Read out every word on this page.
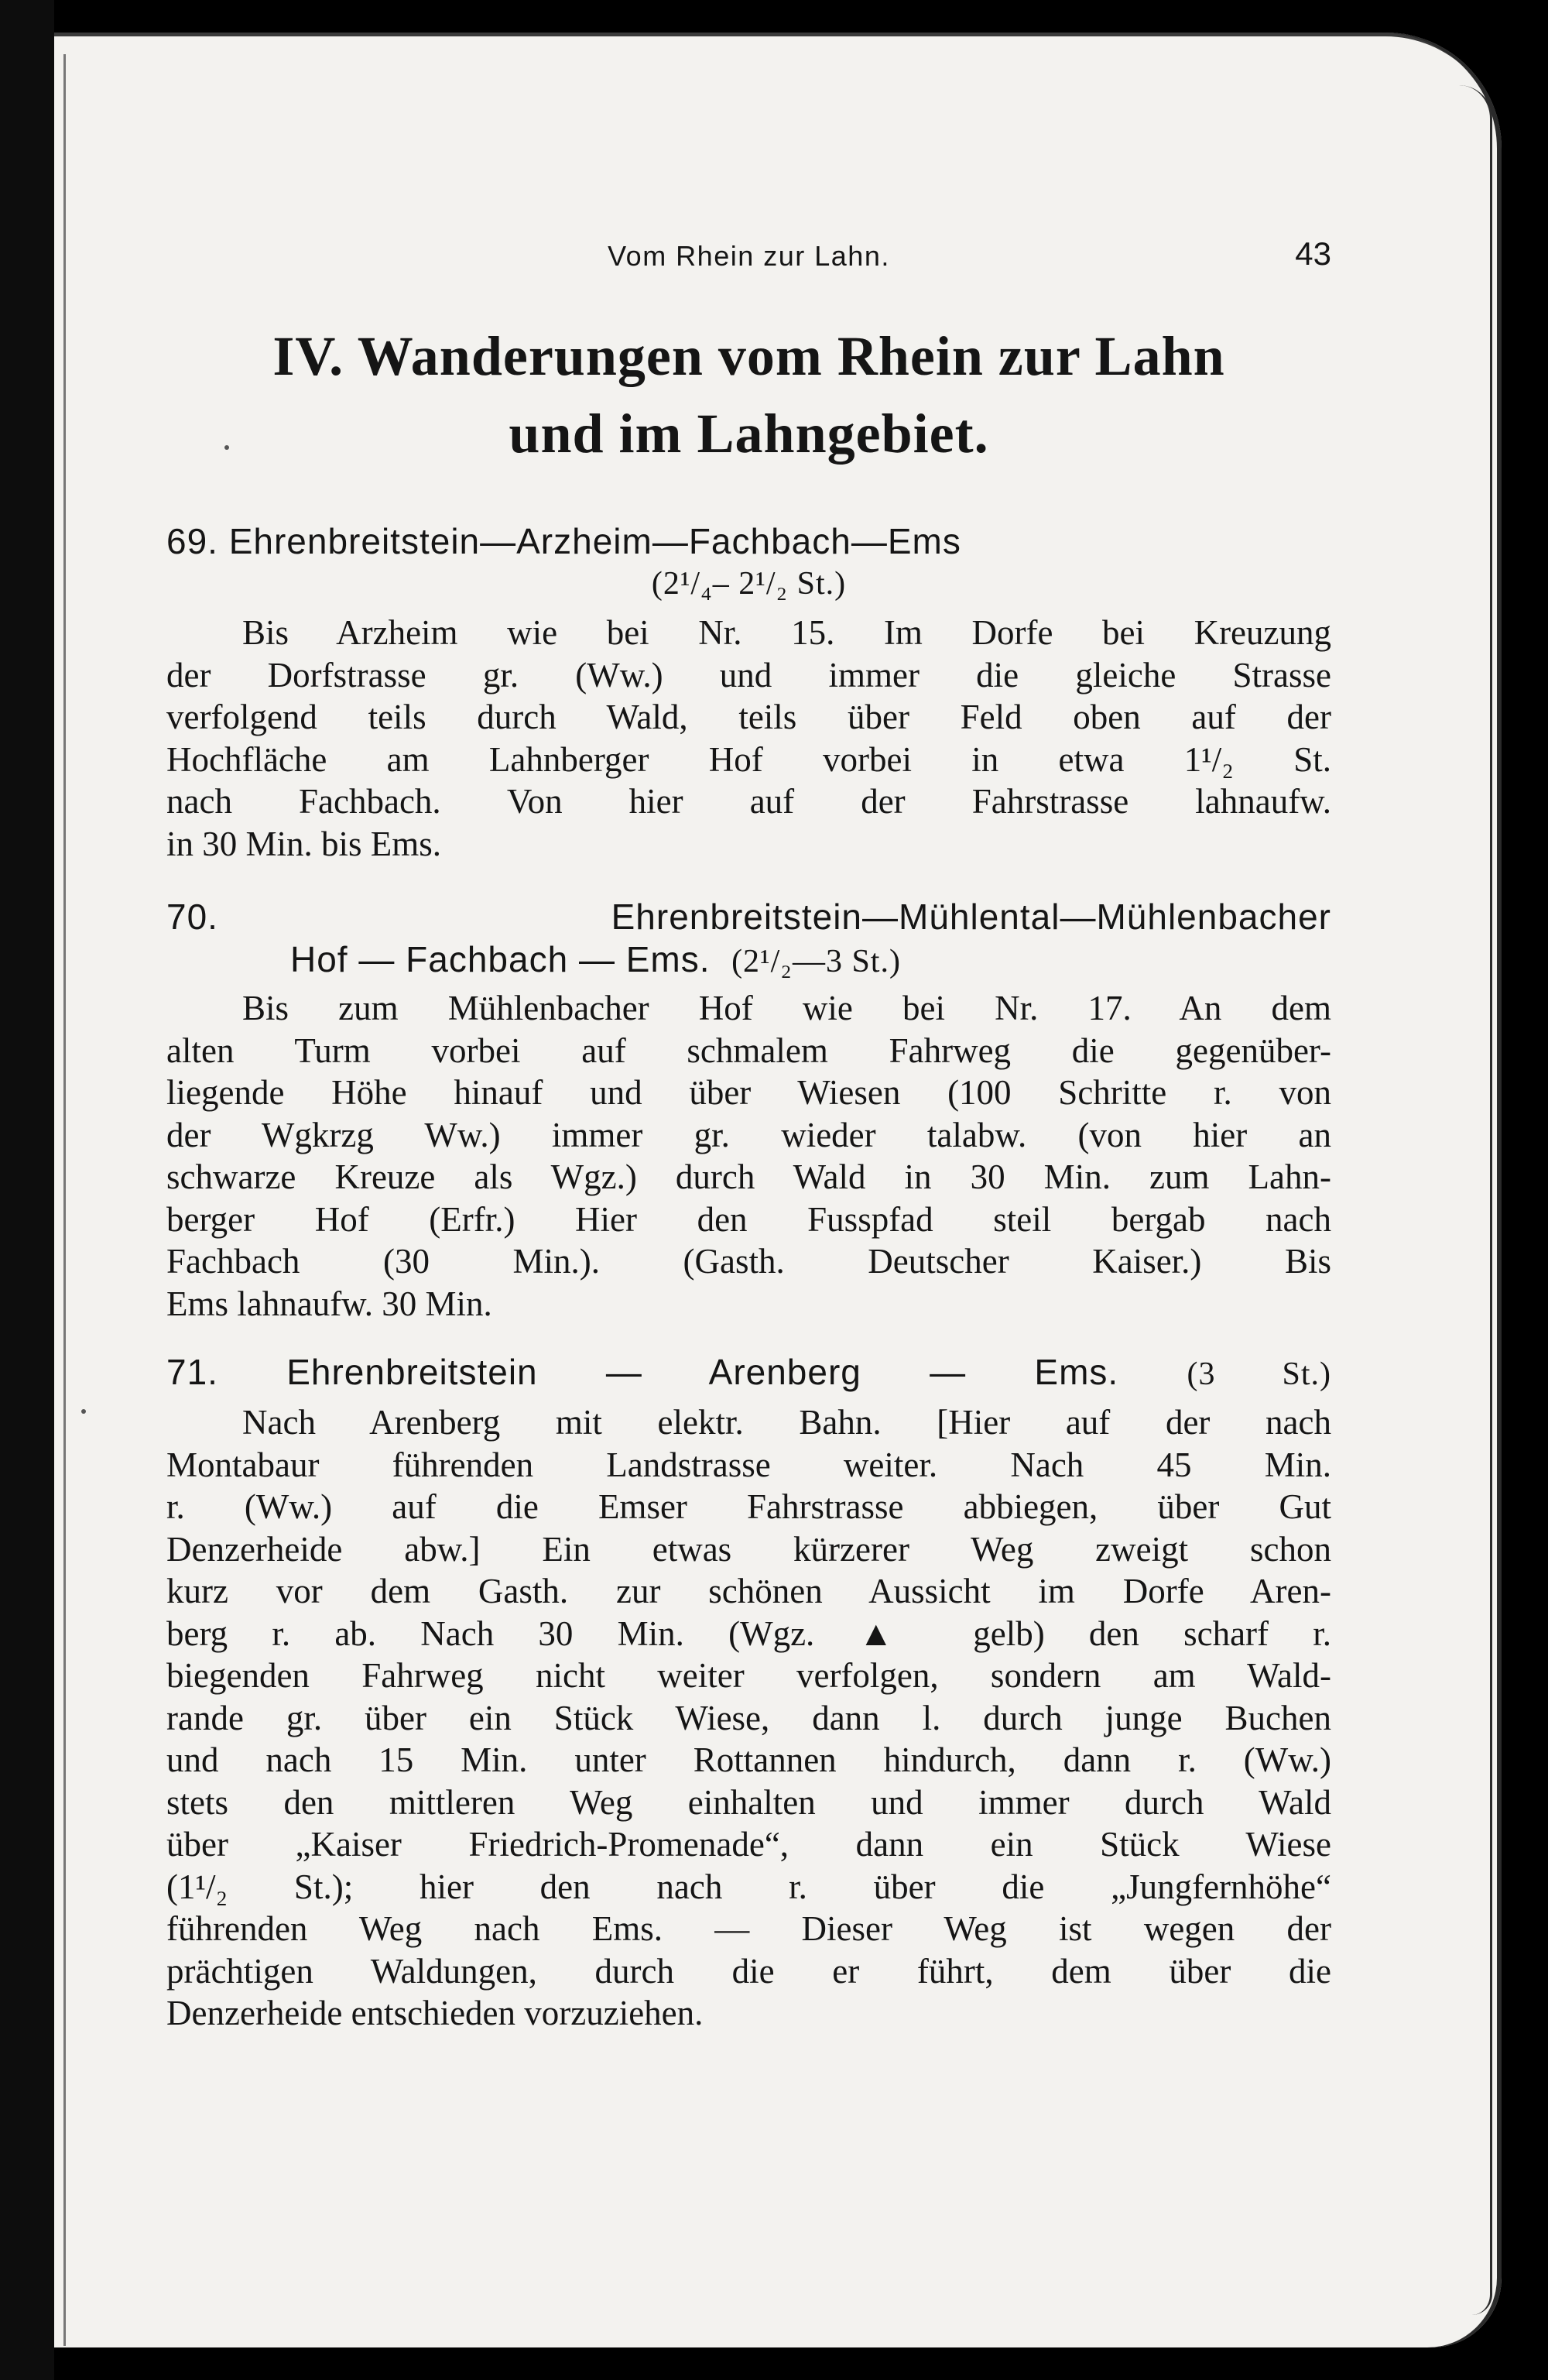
Vom Rhein zur Lahn.	43
IV. Wanderungen vom Rhein zur Lahn
und im Lahngebiet.
69. Ehrenbreitstein—Arzheim—Fachbach—Ems
(2¹/₄– 2¹/₂ St.)
Bis Arzheim wie bei Nr. 15. Im Dorfe bei Kreuzung
der Dorfstrasse gr. (Ww.) und immer die gleiche Strasse
verfolgend teils durch Wald, teils über Feld oben auf der
Hochfläche am Lahnberger Hof vorbei in etwa 1¹/₂ St.
nach Fachbach. Von hier auf der Fahrstrasse lahnaufw.
in 30 Min. bis Ems.
70. Ehrenbreitstein—Mühlental—Mühlenbacher
Hof — Fachbach — Ems. (2¹/₂—3 St.)
Bis zum Mühlenbacher Hof wie bei Nr. 17. An dem
alten Turm vorbei auf schmalem Fahrweg die gegenüber-
liegende Höhe hinauf und über Wiesen (100 Schritte r. von
der Wgkrzg Ww.) immer gr. wieder talabw. (von hier an
schwarze Kreuze als Wgz.) durch Wald in 30 Min. zum Lahn-
berger Hof (Erfr.) Hier den Fusspfad steil bergab nach
Fachbach (30 Min.). (Gasth. Deutscher Kaiser.) Bis
Ems lahnaufw. 30 Min.
71. Ehrenbreitstein — Arenberg — Ems. (3 St.)
Nach Arenberg mit elektr. Bahn. [Hier auf der nach
Montabaur führenden Landstrasse weiter. Nach 45 Min.
r. (Ww.) auf die Emser Fahrstrasse abbiegen, über Gut
Denzerheide abw.] Ein etwas kürzerer Weg zweigt schon
kurz vor dem Gasth. zur schönen Aussicht im Dorfe Aren-
berg r. ab. Nach 30 Min. (Wgz. ▲ gelb) den scharf r.
biegenden Fahrweg nicht weiter verfolgen, sondern am Wald-
rande gr. über ein Stück Wiese, dann l. durch junge Buchen
und nach 15 Min. unter Rottannen hindurch, dann r. (Ww.)
stets den mittleren Weg einhalten und immer durch Wald
über „Kaiser Friedrich-Promenade“, dann ein Stück Wiese
(1¹/₂ St.); hier den nach r. über die „Jungfernhöhe“
führenden Weg nach Ems. — Dieser Weg ist wegen der
prächtigen Waldungen, durch die er führt, dem über die
Denzerheide entschieden vorzuziehen.
